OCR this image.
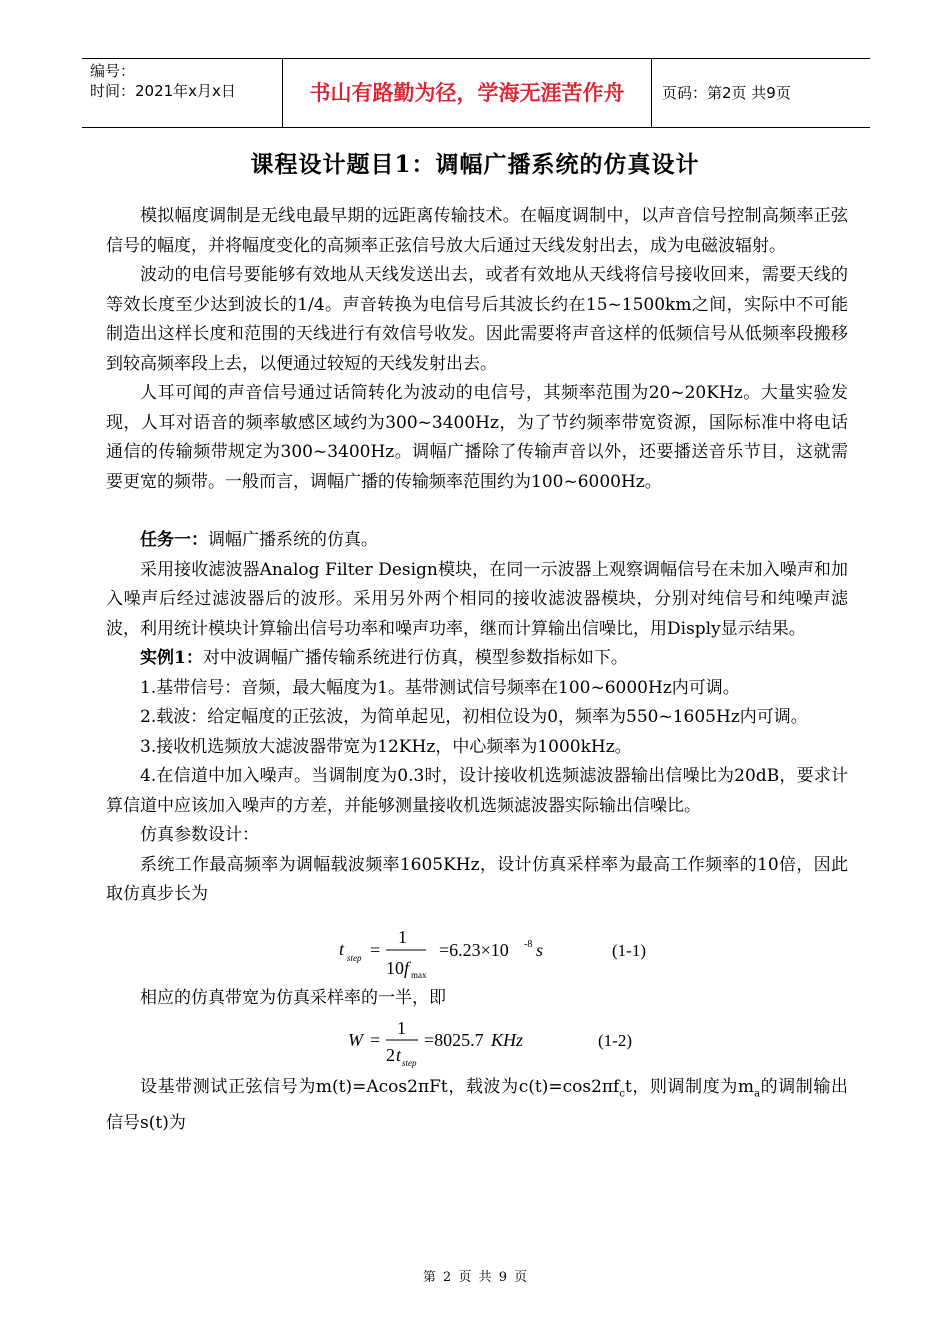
编号：
时间：2021年x月x日	书山有路勤为径，学海无涯苦作舟	页码：第2页 共9页
课程设计题目1：调幅广播系统的仿真设计

模拟幅度调制是无线电最早期的远距离传输技术。在幅度调制中，以声音信号控制高频率正弦信号的幅度，并将幅度变化的高频率正弦信号放大后通过天线发射出去，成为电磁波辐射。

波动的电信号要能够有效地从天线发送出去，或者有效地从天线将信号接收回来，需要天线的等效长度至少达到波长的1/4。声音转换为电信号后其波长约在15~1500km之间，实际中不可能制造出这样长度和范围的天线进行有效信号收发。因此需要将声音这样的低频信号从低频率段搬移到较高频率段上去，以便通过较短的天线发射出去。

人耳可闻的声音信号通过话筒转化为波动的电信号，其频率范围为20~20KHz。大量实验发现，人耳对语音的频率敏感区域约为300~3400Hz，为了节约频率带宽资源，国际标准中将电话通信的传输频带规定为300~3400Hz。调幅广播除了传输声音以外，还要播送音乐节目，这就需要更宽的频带。一般而言，调幅广播的传输频率范围约为100~6000Hz。

任务一：调幅广播系统的仿真。

采用接收滤波器Analog Filter Design模块，在同一示波器上观察调幅信号在未加入噪声和加入噪声后经过滤波器后的波形。采用另外两个相同的接收滤波器模块，分别对纯信号和纯噪声滤波，利用统计模块计算输出信号功率和噪声功率，继而计算输出信噪比，用Disply显示结果。

实例1：对中波调幅广播传输系统进行仿真，模型参数指标如下。

1.基带信号：音频，最大幅度为1。基带测试信号频率在100~6000Hz内可调。

2.载波：给定幅度的正弦波，为简单起见，初相位设为0，频率为550~1605Hz内可调。

3.接收机选频放大滤波器带宽为12KHz，中心频率为1000kHz。

4.在信道中加入噪声。当调制度为0.3时，设计接收机选频滤波器输出信噪比为20dB，要求计算信道中应该加入噪声的方差，并能够测量接收机选频滤波器实际输出信噪比。

仿真参数设计：

系统工作最高频率为调幅载波频率1605KHz，设计仿真采样率为最高工作频率的10倍，因此取仿真步长为

t step =
1
10 f max
=6.23×10 -8 s	(1-1)

相应的仿真带宽为仿真采样率的一半，即

W =
1
2 t step
=8025.7 KHz	(1-2)

设基带测试正弦信号为m(t)=Acos2πFt，载波为$c(t)=\cos 2\pi f_ct$，则调制度为$m_a$的调制输出信号s(t)为

第 2 页 共 9 页
